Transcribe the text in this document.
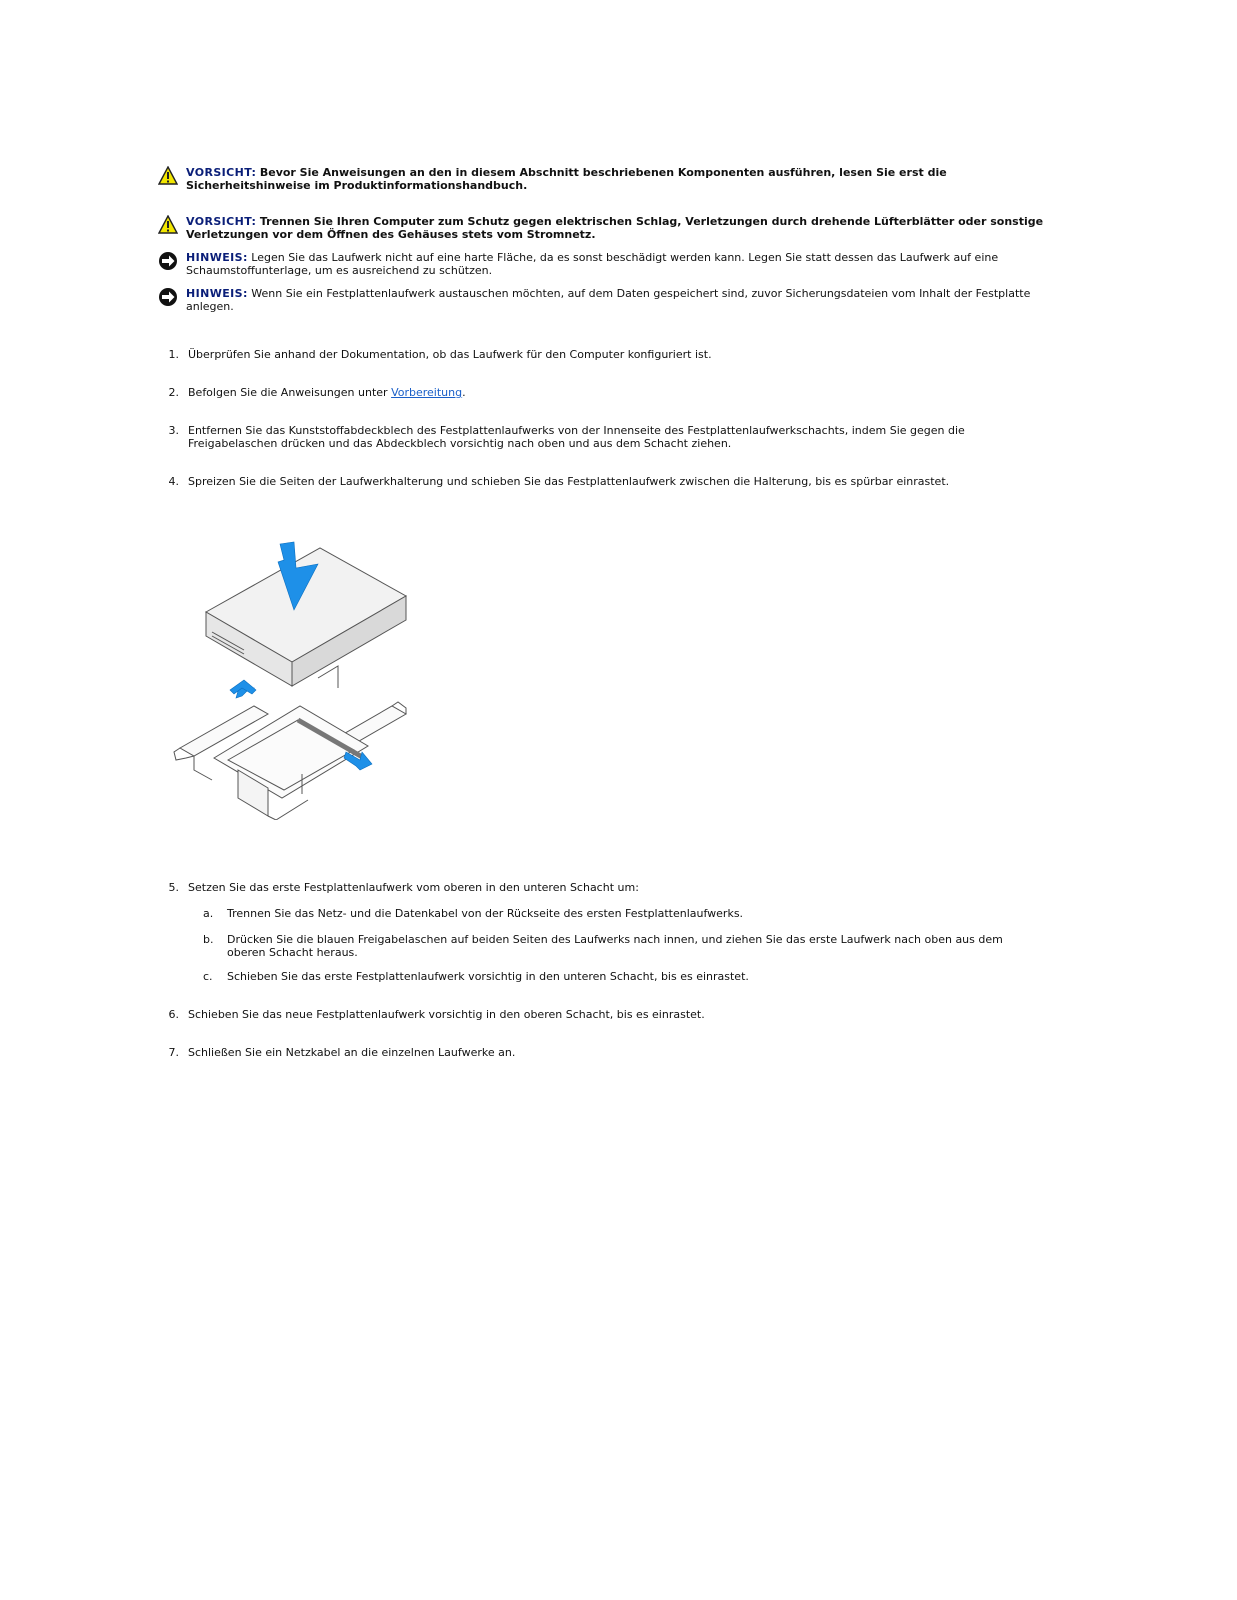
VORSICHT: Bevor Sie Anweisungen an den in diesem Abschnitt beschriebenen Komponenten ausführen, lesen Sie erst die Sicherheitshinweise im Produktinformationshandbuch.
VORSICHT: Trennen Sie Ihren Computer zum Schutz gegen elektrischen Schlag, Verletzungen durch drehende Lüfterblätter oder sonstige Verletzungen vor dem Öffnen des Gehäuses stets vom Stromnetz.
HINWEIS: Legen Sie das Laufwerk nicht auf eine harte Fläche, da es sonst beschädigt werden kann. Legen Sie statt dessen das Laufwerk auf eine Schaumstoffunterlage, um es ausreichend zu schützen.
HINWEIS: Wenn Sie ein Festplattenlaufwerk austauschen möchten, auf dem Daten gespeichert sind, zuvor Sicherungsdateien vom Inhalt der Festplatte anlegen.
1. Überprüfen Sie anhand der Dokumentation, ob das Laufwerk für den Computer konfiguriert ist.
2. Befolgen Sie die Anweisungen unter Vorbereitung.
3. Entfernen Sie das Kunststoffabdeckblech des Festplattenlaufwerks von der Innenseite des Festplattenlaufwerkschachts, indem Sie gegen die Freigabelaschen drücken und das Abdeckblech vorsichtig nach oben und aus dem Schacht ziehen.
4. Spreizen Sie die Seiten der Laufwerkhalterung und schieben Sie das Festplattenlaufwerk zwischen die Halterung, bis es spürbar einrastet.
5. Setzen Sie das erste Festplattenlaufwerk vom oberen in den unteren Schacht um:
a. Trennen Sie das Netz- und die Datenkabel von der Rückseite des ersten Festplattenlaufwerks.
b. Drücken Sie die blauen Freigabelaschen auf beiden Seiten des Laufwerks nach innen, und ziehen Sie das erste Laufwerk nach oben aus dem oberen Schacht heraus.
c. Schieben Sie das erste Festplattenlaufwerk vorsichtig in den unteren Schacht, bis es einrastet.
6. Schieben Sie das neue Festplattenlaufwerk vorsichtig in den oberen Schacht, bis es einrastet.
7. Schließen Sie ein Netzkabel an die einzelnen Laufwerke an.
